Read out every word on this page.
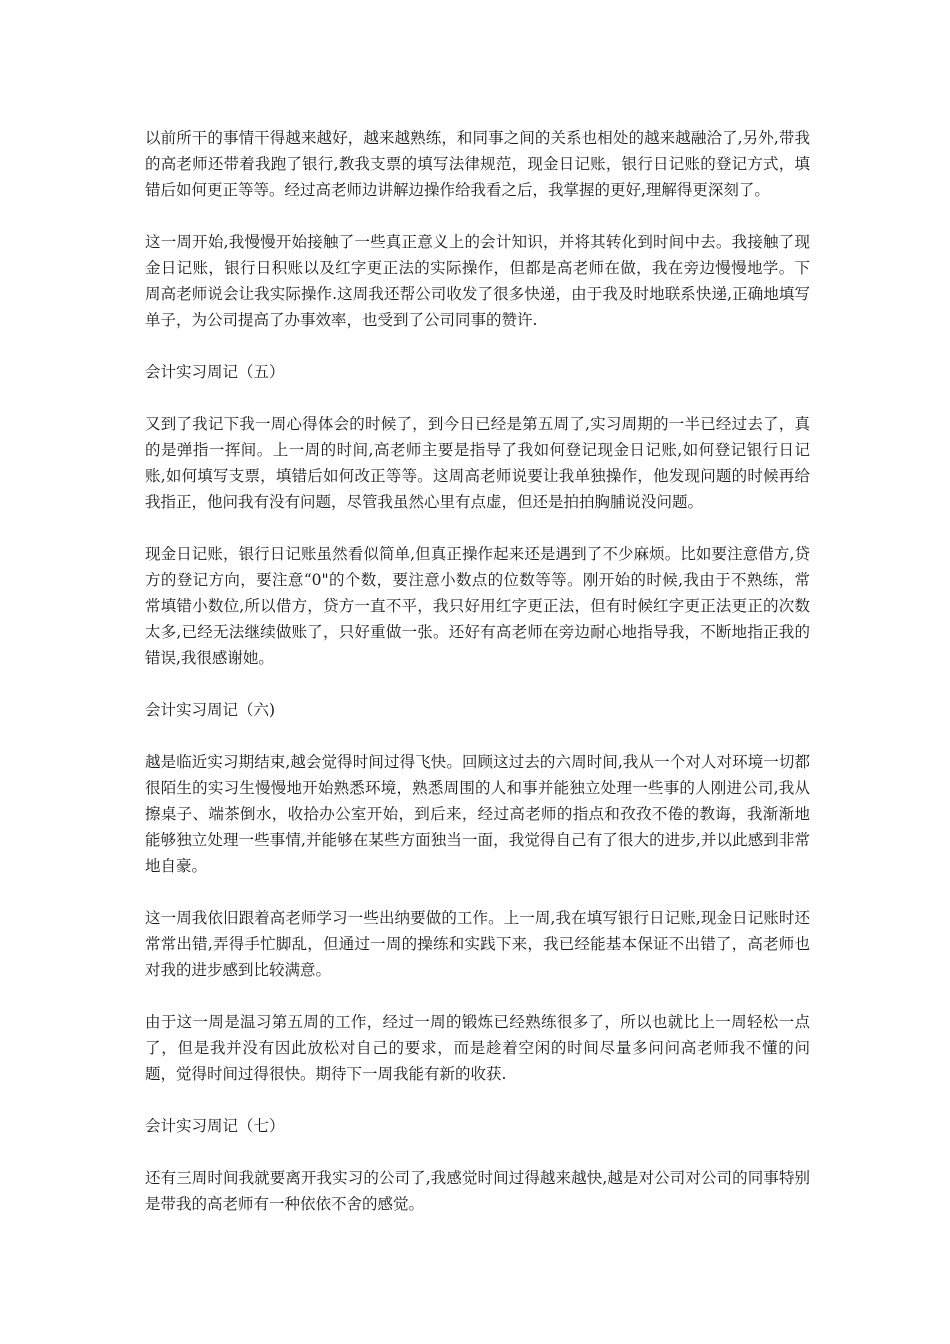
以前所干的事情干得越来越好，越来越熟练，和同事之间的关系也相处的越来越融洽了,另外,带我的高老师还带着我跑了银行,教我支票的填写法律规范，现金日记账，银行日记账的登记方式，填错后如何更正等等。经过高老师边讲解边操作给我看之后，我掌握的更好,理解得更深刻了。

这一周开始,我慢慢开始接触了一些真正意义上的会计知识，并将其转化到时间中去。我接触了现金日记账，银行日积账以及红字更正法的实际操作，但都是高老师在做，我在旁边慢慢地学。下周高老师说会让我实际操作.这周我还帮公司收发了很多快递，由于我及时地联系快递,正确地填写单子，为公司提高了办事效率，也受到了公司同事的赞许.

会计实习周记（五）

又到了我记下我一周心得体会的时候了，到今日已经是第五周了,实习周期的一半已经过去了，真的是弹指一挥间。上一周的时间,高老师主要是指导了我如何登记现金日记账,如何登记银行日记账,如何填写支票，填错后如何改正等等。这周高老师说要让我单独操作，他发现问题的时候再给我指正，他问我有没有问题，尽管我虽然心里有点虚，但还是拍拍胸脯说没问题。

现金日记账，银行日记账虽然看似简单,但真正操作起来还是遇到了不少麻烦。比如要注意借方,贷方的登记方向，要注意“0"的个数，要注意小数点的位数等等。刚开始的时候,我由于不熟练，常常填错小数位,所以借方，贷方一直不平，我只好用红字更正法，但有时候红字更正法更正的次数太多,已经无法继续做账了，只好重做一张。还好有高老师在旁边耐心地指导我，不断地指正我的错误,我很感谢她。

会计实习周记（六)

越是临近实习期结束,越会觉得时间过得飞快。回顾这过去的六周时间,我从一个对人对环境一切都很陌生的实习生慢慢地开始熟悉环境，熟悉周围的人和事并能独立处理一些事的人刚进公司,我从擦桌子、端茶倒水，收拾办公室开始，到后来，经过高老师的指点和孜孜不倦的教诲，我渐渐地能够独立处理一些事情,并能够在某些方面独当一面，我觉得自己有了很大的进步,并以此感到非常地自豪。

这一周我依旧跟着高老师学习一些出纳要做的工作。上一周,我在填写银行日记账,现金日记账时还常常出错,弄得手忙脚乱，但通过一周的操练和实践下来，我已经能基本保证不出错了，高老师也对我的进步感到比较满意。

由于这一周是温习第五周的工作，经过一周的锻炼已经熟练很多了，所以也就比上一周轻松一点了，但是我并没有因此放松对自己的要求，而是趁着空闲的时间尽量多问问高老师我不懂的问题，觉得时间过得很快。期待下一周我能有新的收获.

会计实习周记（七）

还有三周时间我就要离开我实习的公司了,我感觉时间过得越来越快,越是对公司对公司的同事特别是带我的高老师有一种依依不舍的感觉。
